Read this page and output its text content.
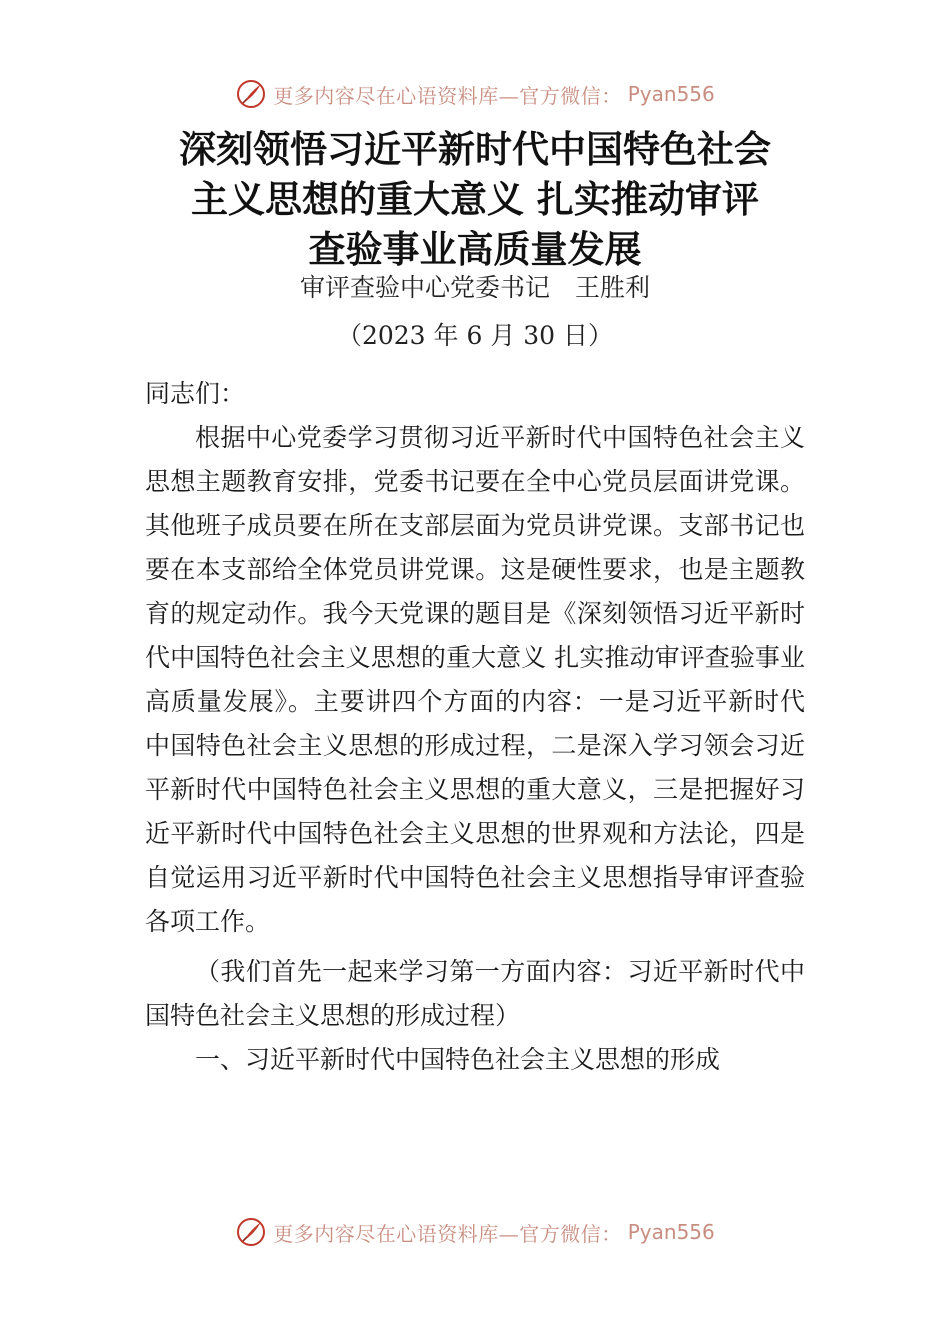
更多内容尽在心语资料库—官方微信： Pyan556
深刻领悟习近平新时代中国特色社会
主义思想的重大意义 扎实推动审评
查验事业高质量发展
审评查验中心党委书记　王胜利
（2023 年 6 月 30 日）

同志们：

根据中心党委学习贯彻习近平新时代中国特色社会主义思想主题教育安排，党委书记要在全中心党员层面讲党课。其他班子成员要在所在支部层面为党员讲党课。支部书记也要在本支部给全体党员讲党课。这是硬性要求，也是主题教育的规定动作。我今天党课的题目是《深刻领悟习近平新时代中国特色社会主义思想的重大意义 扎实推动审评查验事业高质量发展》。主要讲四个方面的内容：一是习近平新时代中国特色社会主义思想的形成过程，二是深入学习领会习近平新时代中国特色社会主义思想的重大意义，三是把握好习近平新时代中国特色社会主义思想的世界观和方法论，四是自觉运用习近平新时代中国特色社会主义思想指导审评查验各项工作。

（我们首先一起来学习第一方面内容：习近平新时代中国特色社会主义思想的形成过程）

一、习近平新时代中国特色社会主义思想的形成

更多内容尽在心语资料库—官方微信： Pyan556
